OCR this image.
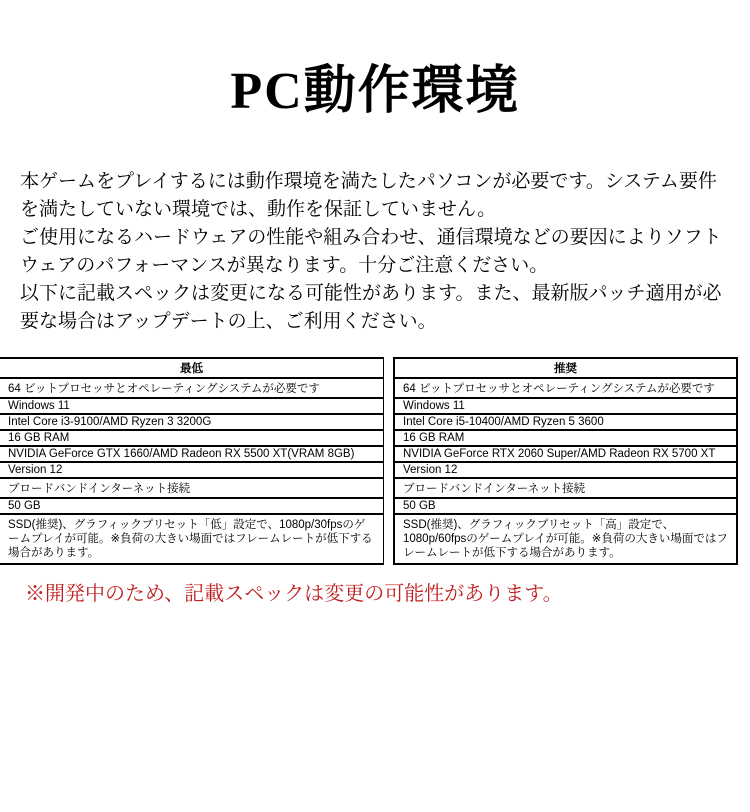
PC動作環境

本ゲームをプレイするには動作環境を満たしたパソコンが必要です。システム要件を満たしていない環境では、動作を保証していません。

ご使用になるハードウェアの性能や組み合わせ、通信環境などの要因によりソフトウェアのパフォーマンスが異なります。十分ご注意ください。

以下に記載スペックは変更になる可能性があります。また、最新版パッチ適用が必要な場合はアップデートの上、ご利用ください。

最低
64 ビットプロセッサとオペレーティングシステムが必要です
Windows 11
Intel Core i3-9100/AMD Ryzen 3 3200G
16 GB RAM
NVIDIA GeForce GTX 1660/AMD Radeon RX 5500 XT(VRAM 8GB)
Version 12
ブロードバンドインターネット接続
50 GB
SSD(推奨)、グラフィックプリセット「低」設定で、1080p/30fpsのゲームプレイが可能。※負荷の大きい場面ではフレームレートが低下する場合があります。
推奨
64 ビットプロセッサとオペレーティングシステムが必要です
Windows 11
Intel Core i5-10400/AMD Ryzen 5 3600
16 GB RAM
NVIDIA GeForce RTX 2060 Super/AMD Radeon RX 5700 XT
Version 12
ブロードバンドインターネット接続
50 GB
SSD(推奨)、グラフィックプリセット「高」設定で、1080p/60fpsのゲームプレイが可能。※負荷の大きい場面ではフレームレートが低下する場合があります。

※開発中のため、記載スペックは変更の可能性があります。
